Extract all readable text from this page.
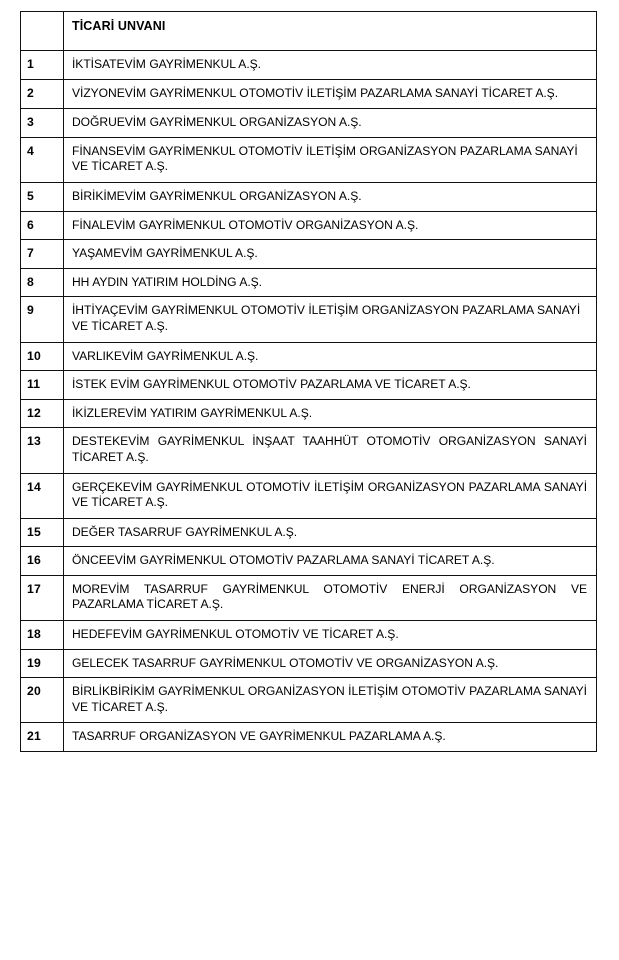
	TİCARİ UNVANI
1	İKTİSATEVİM GAYRİMENKUL A.Ş.
2	VİZYONEVİM GAYRİMENKUL OTOMOTİV İLETİŞİM PAZARLAMA SANAYİ TİCARET A.Ş.
3	DOĞRUEVİM GAYRİMENKUL ORGANİZASYON A.Ş.
4	FİNANSEVİM GAYRİMENKUL OTOMOTİV İLETİŞİM ORGANİZASYON PAZARLAMA SANAYİ VE TİCARET A.Ş.
5	BİRİKİMEVİM GAYRİMENKUL ORGANİZASYON A.Ş.
6	FİNALEVİM GAYRİMENKUL OTOMOTİV ORGANİZASYON A.Ş.
7	YAŞAMEVİM GAYRİMENKUL A.Ş.
8	HH AYDIN YATIRIM HOLDİNG A.Ş.
9	İHTİYAÇEVİM GAYRİMENKUL OTOMOTİV İLETİŞİM ORGANİZASYON PAZARLAMA SANAYİ VE TİCARET A.Ş.
10	VARLIKEVİM GAYRİMENKUL A.Ş.
11	İSTEK EVİM GAYRİMENKUL OTOMOTİV PAZARLAMA VE TİCARET A.Ş.
12	İKİZLEREVİM YATIRIM GAYRİMENKUL A.Ş.
13	DESTEKEVİM GAYRİMENKUL İNŞAAT TAAHHÜT OTOMOTİV ORGANİZASYON SANAYİ TİCARET A.Ş.
14	GERÇEKEVİM GAYRİMENKUL OTOMOTİV İLETİŞİM ORGANİZASYON PAZARLAMA SANAYİ VE TİCARET A.Ş.
15	DEĞER TASARRUF GAYRİMENKUL A.Ş.
16	ÖNCEEVİM GAYRİMENKUL OTOMOTİV PAZARLAMA SANAYİ TİCARET A.Ş.
17	MOREVİM TASARRUF GAYRİMENKUL OTOMOTİV ENERJİ ORGANİZASYON VE PAZARLAMA TİCARET A.Ş.
18	HEDEFEVİM GAYRİMENKUL OTOMOTİV VE TİCARET A.Ş.
19	GELECEK TASARRUF GAYRİMENKUL OTOMOTİV VE ORGANİZASYON A.Ş.
20	BİRLİKBİRİKİM GAYRİMENKUL ORGANİZASYON İLETİŞİM OTOMOTİV PAZARLAMA SANAYİ VE TİCARET A.Ş.
21	TASARRUF ORGANİZASYON VE GAYRİMENKUL PAZARLAMA A.Ş.
